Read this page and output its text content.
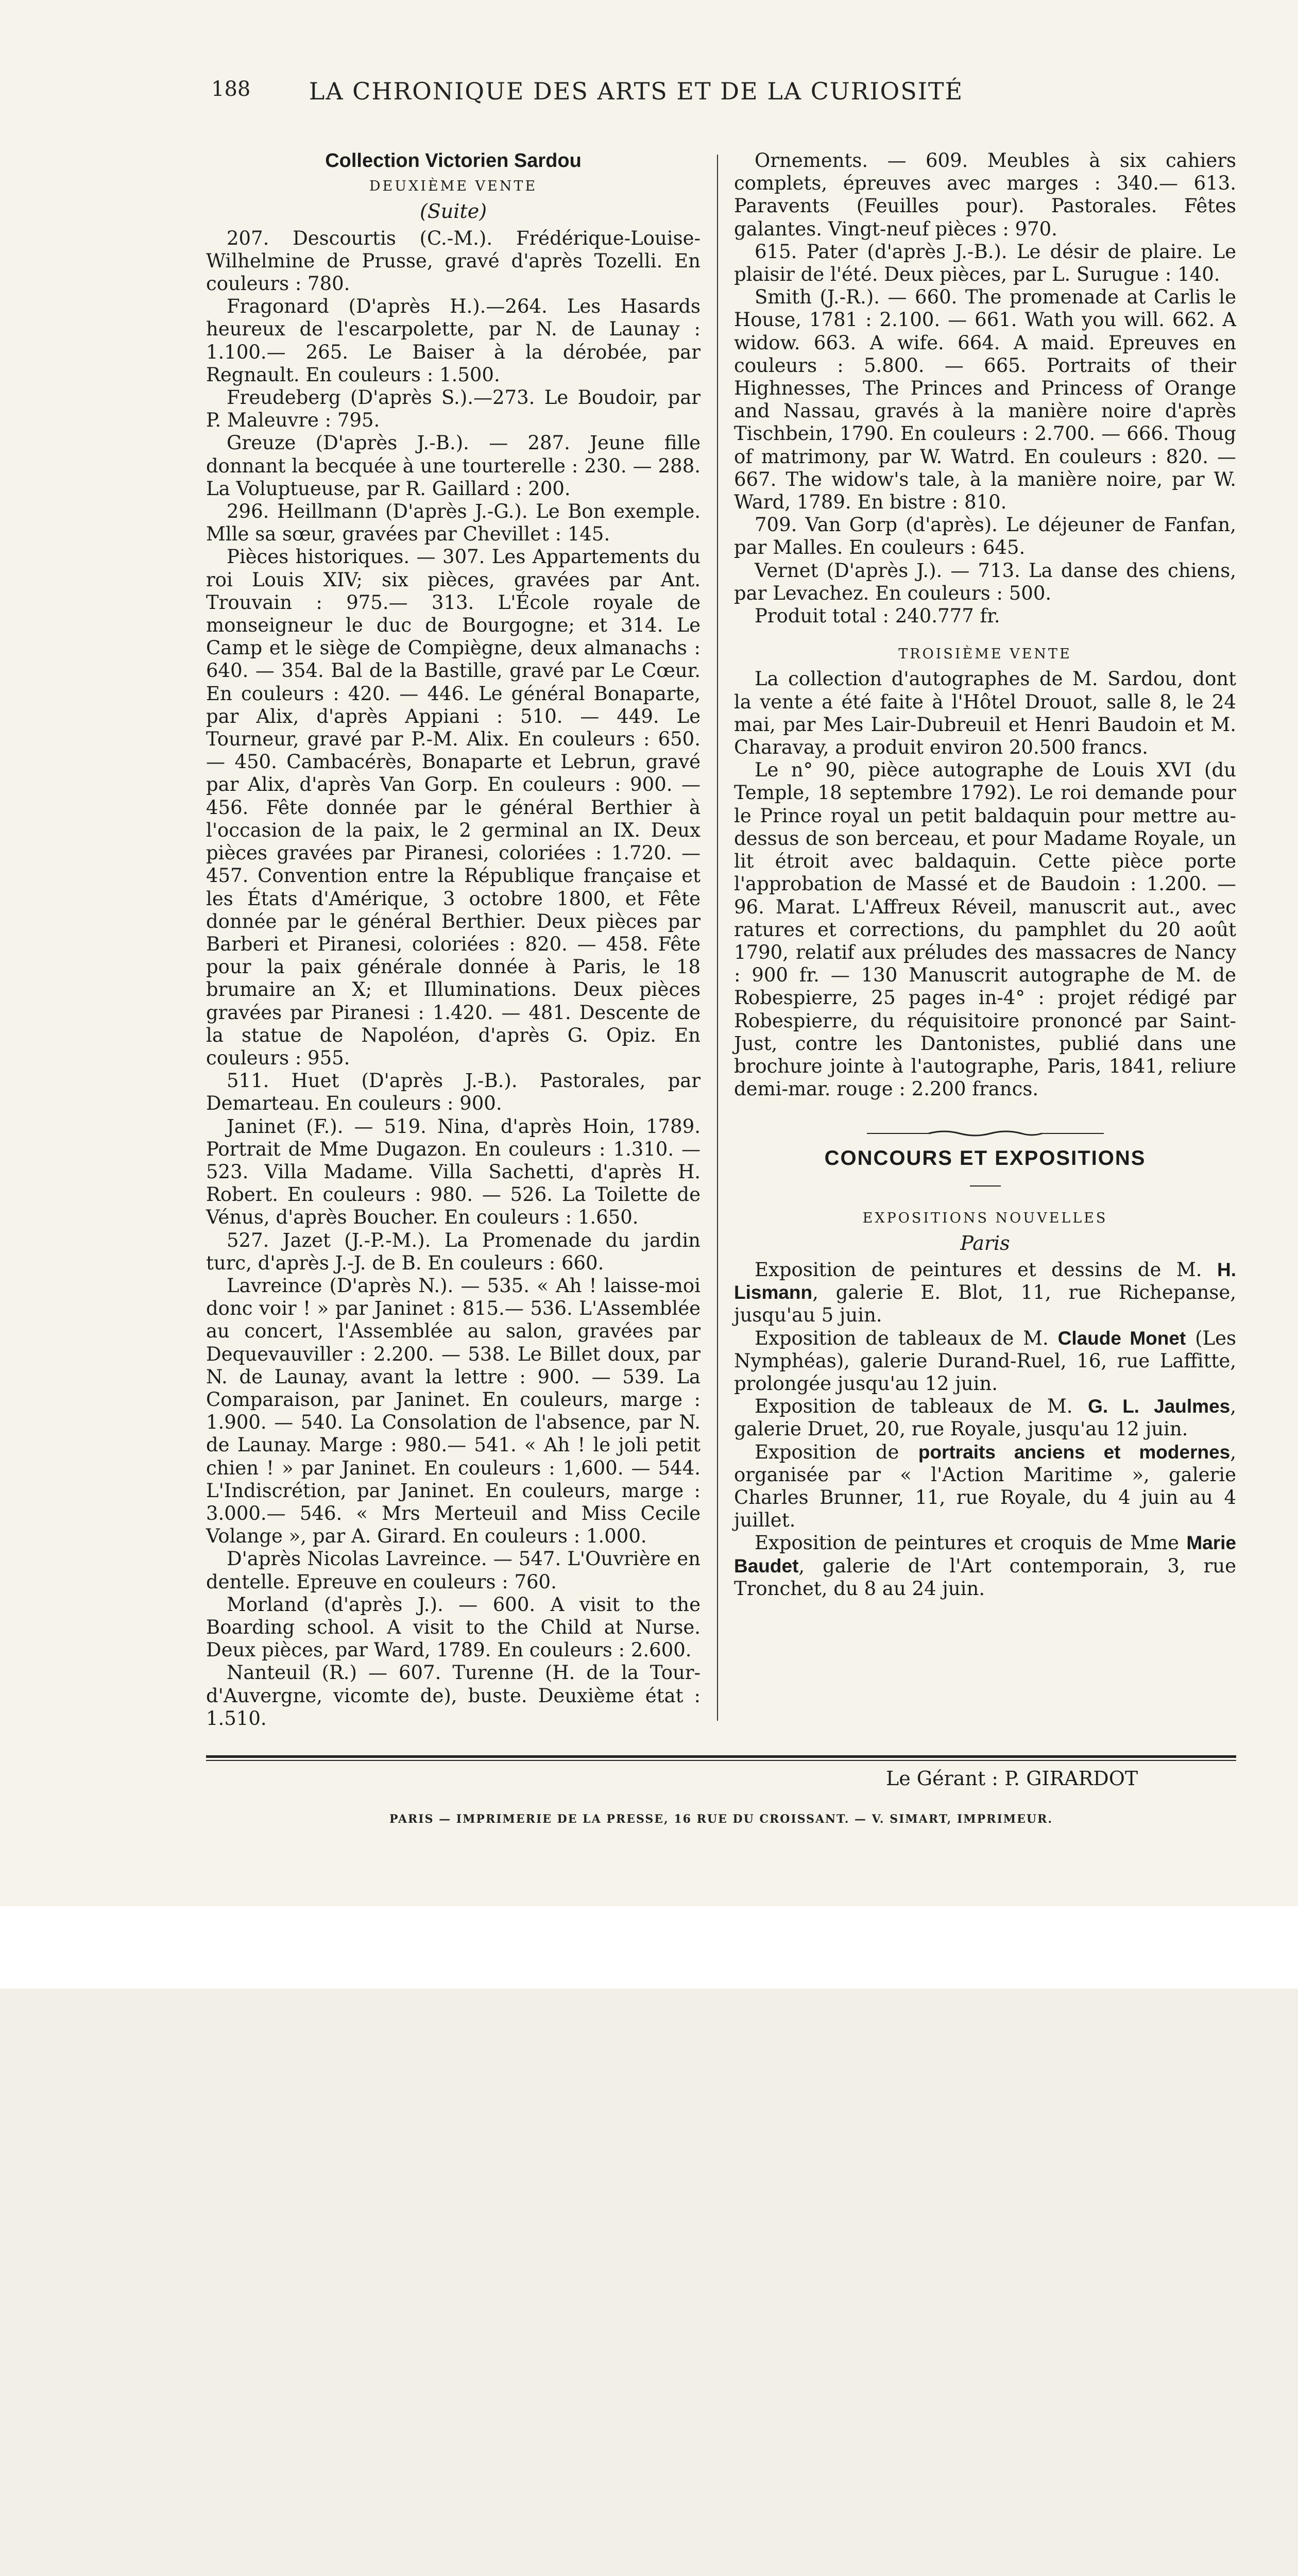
188	LA CHRONIQUE DES ARTS ET DE LA CURIOSITÉ
Collection Victorien Sardou
DEUXIÈME VENTE
(Suite)

207. Descourtis (C.-M.). Frédérique-Louise-Wilhelmine de Prusse, gravé d'après Tozelli. En couleurs : 780.

Fragonard (D'après H.).—264. Les Hasards heureux de l'escarpolette, par N. de Launay : 1.100.— 265. Le Baiser à la dérobée, par Regnault. En couleurs : 1.500.

Freudeberg (D'après S.).—273. Le Boudoir, par P. Maleuvre : 795.

Greuze (D'après J.-B.). — 287. Jeune fille donnant la becquée à une tourterelle : 230. — 288. La Voluptueuse, par R. Gaillard : 200.

296. Heillmann (D'après J.-G.). Le Bon exemple. Mlle sa sœur, gravées par Chevillet : 145.

Pièces historiques. — 307. Les Appartements du roi Louis XIV; six pièces, gravées par Ant. Trouvain : 975.— 313. L'École royale de monseigneur le duc de Bourgogne; et 314. Le Camp et le siège de Compiègne, deux almanachs : 640. — 354. Bal de la Bastille, gravé par Le Cœur. En couleurs : 420. — 446. Le général Bonaparte, par Alix, d'après Appiani : 510. — 449. Le Tourneur, gravé par P.-M. Alix. En couleurs : 650. — 450. Cambacérès, Bonaparte et Lebrun, gravé par Alix, d'après Van Gorp. En couleurs : 900. — 456. Fête donnée par le général Berthier à l'occasion de la paix, le 2 germinal an IX. Deux pièces gravées par Piranesi, coloriées : 1.720. — 457. Convention entre la République française et les États d'Amérique, 3 octobre 1800, et Fête donnée par le général Berthier. Deux pièces par Barberi et Piranesi, coloriées : 820. — 458. Fête pour la paix générale donnée à Paris, le 18 brumaire an X; et Illuminations. Deux pièces gravées par Piranesi : 1.420. — 481. Descente de la statue de Napoléon, d'après G. Opiz. En couleurs : 955.

511. Huet (D'après J.-B.). Pastorales, par Demarteau. En couleurs : 900.

Janinet (F.). — 519. Nina, d'après Hoin, 1789. Portrait de Mme Dugazon. En couleurs : 1.310. — 523. Villa Madame. Villa Sachetti, d'après H. Robert. En couleurs : 980. — 526. La Toilette de Vénus, d'après Boucher. En couleurs : 1.650.

527. Jazet (J.-P.-M.). La Promenade du jardin turc, d'après J.-J. de B. En couleurs : 660.

Lavreince (D'après N.). — 535. « Ah ! laisse-moi donc voir ! » par Janinet : 815.— 536. L'Assemblée au concert, l'Assemblée au salon, gravées par Dequevauviller : 2.200. — 538. Le Billet doux, par N. de Launay, avant la lettre : 900. — 539. La Comparaison, par Janinet. En couleurs, marge : 1.900. — 540. La Consolation de l'absence, par N. de Launay. Marge : 980.— 541. « Ah ! le joli petit chien ! » par Janinet. En couleurs : 1,600. — 544. L'Indiscrétion, par Janinet. En couleurs, marge : 3.000.— 546. « Mrs Merteuil and Miss Cecile Volange », par A. Girard. En couleurs : 1.000.

D'après Nicolas Lavreince. — 547. L'Ouvrière en dentelle. Epreuve en couleurs : 760.

Morland (d'après J.). — 600. A visit to the Boarding school. A visit to the Child at Nurse. Deux pièces, par Ward, 1789. En couleurs : 2.600.

Nanteuil (R.) — 607. Turenne (H. de la Tour-d'Auvergne, vicomte de), buste. Deuxième état : 1.510.

Ornements. — 609. Meubles à six cahiers complets, épreuves avec marges : 340.— 613. Paravents (Feuilles pour). Pastorales. Fêtes galantes. Vingt-neuf pièces : 970.

615. Pater (d'après J.-B.). Le désir de plaire. Le plaisir de l'été. Deux pièces, par L. Surugue : 140.

Smith (J.-R.). — 660. The promenade at Carlis le House, 1781 : 2.100. — 661. Wath you will. 662. A widow. 663. A wife. 664. A maid. Epreuves en couleurs : 5.800. — 665. Portraits of their Highnesses, The Princes and Princess of Orange and Nassau, gravés à la manière noire d'après Tischbein, 1790. En couleurs : 2.700. — 666. Thoug of matrimony, par W. Watrd. En couleurs : 820. — 667. The widow's tale, à la manière noire, par W. Ward, 1789. En bistre : 810.

709. Van Gorp (d'après). Le déjeuner de Fanfan, par Malles. En couleurs : 645.

Vernet (D'après J.). — 713. La danse des chiens, par Levachez. En couleurs : 500.

Produit total : 240.777 fr.

TROISIÈME VENTE

La collection d'autographes de M. Sardou, dont la vente a été faite à l'Hôtel Drouot, salle 8, le 24 mai, par Mes Lair-Dubreuil et Henri Baudoin et M. Charavay, a produit environ 20.500 francs.

Le n° 90, pièce autographe de Louis XVI (du Temple, 18 septembre 1792). Le roi demande pour le Prince royal un petit baldaquin pour mettre au-dessus de son berceau, et pour Madame Royale, un lit étroit avec baldaquin. Cette pièce porte l'approbation de Massé et de Baudoin : 1.200. — 96. Marat. L'Affreux Réveil, manuscrit aut., avec ratures et corrections, du pamphlet du 20 août 1790, relatif aux préludes des massacres de Nancy : 900 fr. — 130 Manuscrit autographe de M. de Robespierre, 25 pages in-4° : projet rédigé par Robespierre, du réquisitoire prononcé par Saint-Just, contre les Dantonistes, publié dans une brochure jointe à l'autographe, Paris, 1841, reliure demi-mar. rouge : 2.200 francs.

CONCOURS ET EXPOSITIONS
EXPOSITIONS NOUVELLES
Paris

Exposition de peintures et dessins de M. H. Lismann, galerie E. Blot, 11, rue Richepanse, jusqu'au 5 juin.

Exposition de tableaux de M. Claude Monet (Les Nymphéas), galerie Durand-Ruel, 16, rue Laffitte, prolongée jusqu'au 12 juin.

Exposition de tableaux de M. G. L. Jaulmes, galerie Druet, 20, rue Royale, jusqu'au 12 juin.

Exposition de portraits anciens et modernes, organisée par « l'Action Maritime », galerie Charles Brunner, 11, rue Royale, du 4 juin au 4 juillet.

Exposition de peintures et croquis de Mme Marie Baudet, galerie de l'Art contemporain, 3, rue Tronchet, du 8 au 24 juin.

Le Gérant : P. GIRARDOT
PARIS — IMPRIMERIE DE LA PRESSE, 16 RUE DU CROISSANT. — V. SIMART, IMPRIMEUR.
